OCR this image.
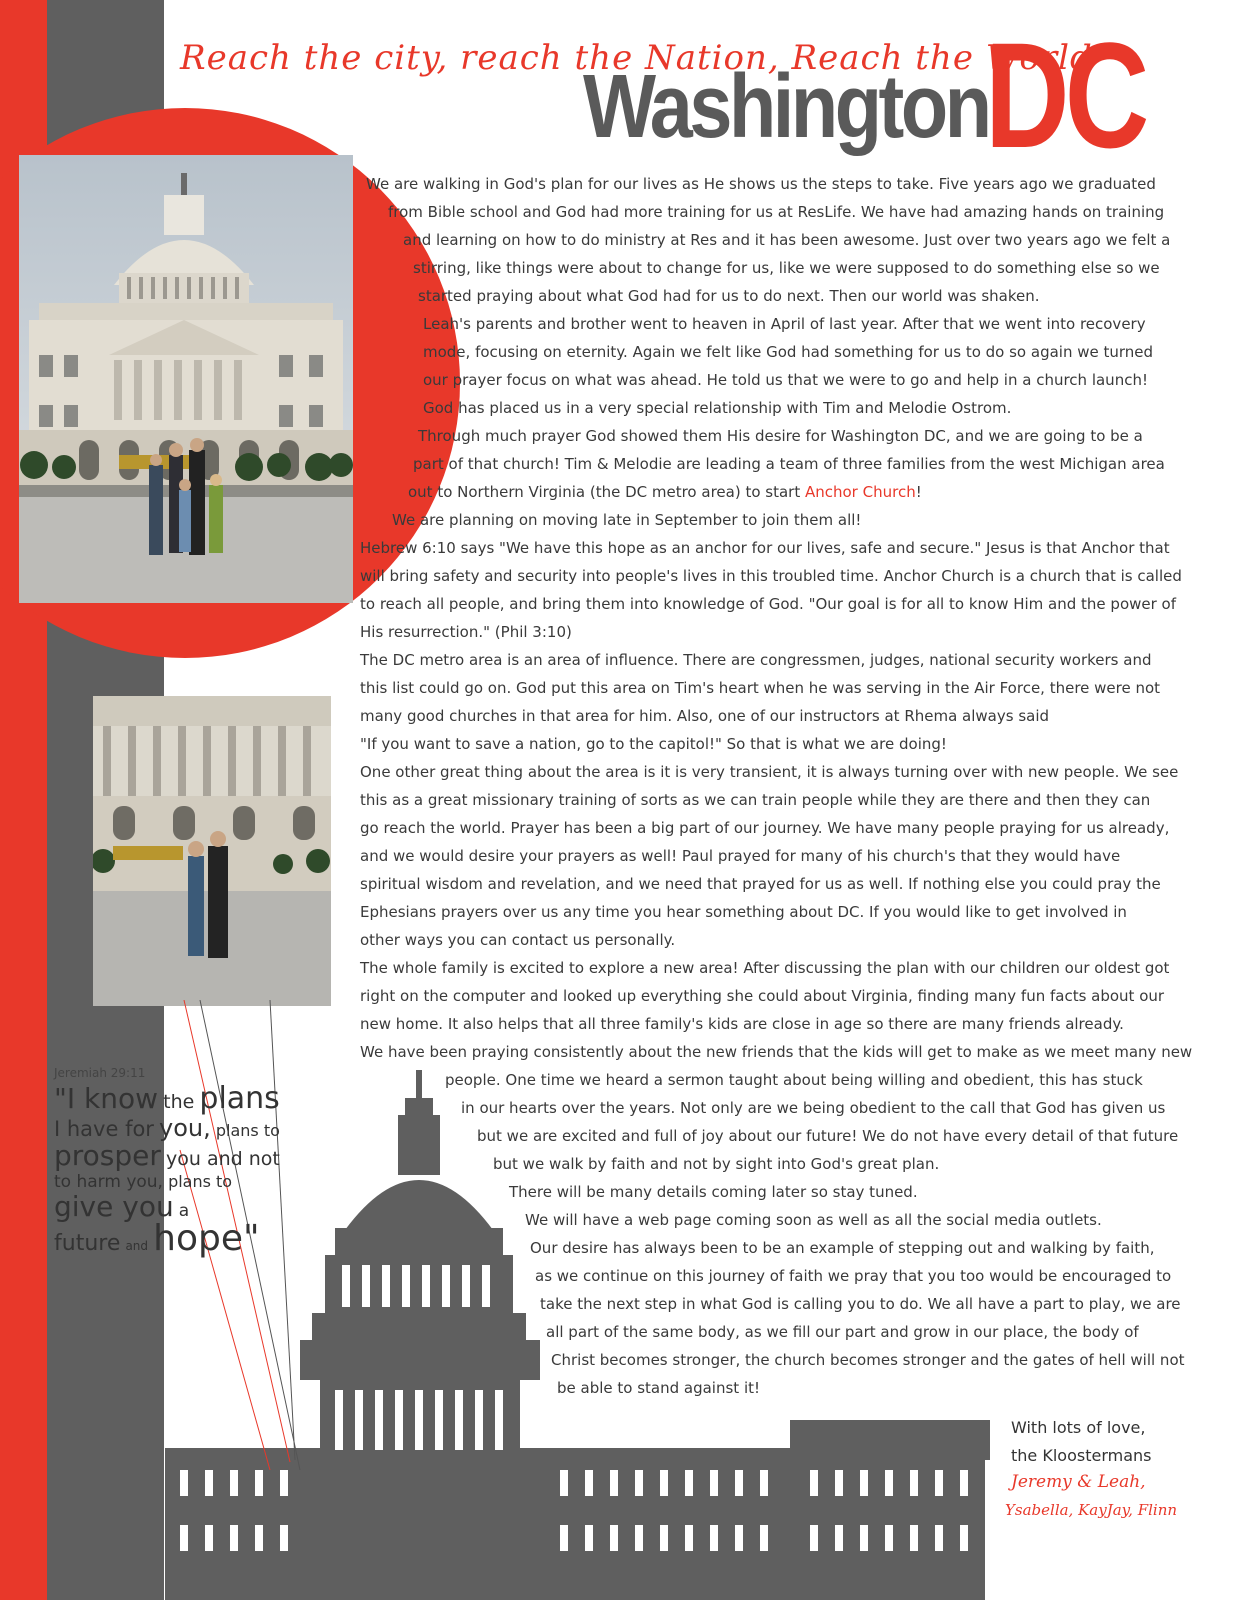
Reach the city, reach the Nation, Reach the World
Washington
DC
We are walking in God's plan for our lives as He shows us the steps to take. Five years ago we graduated
from Bible school and God had more training for us at ResLife. We have had amazing hands on training
and learning on how to do ministry at Res and it has been awesome. Just over two years ago we felt a
stirring, like things were about to change for us, like we were supposed to do something else so we
started praying about what God had for us to do next. Then our world was shaken.
Leah's parents and brother went to heaven in April of last year. After that we went into recovery
mode, focusing on eternity. Again we felt like God had something for us to do so again we turned
our prayer focus on what was ahead. He told us that we were to go and help in a church launch!
God has placed us in a very special relationship with Tim and Melodie Ostrom.
Through much prayer God showed them His desire for Washington DC, and we are going to be a
part of that church! Tim & Melodie are leading a team of three families from the west Michigan area
out to Northern Virginia (the DC metro area) to start Anchor Church!
We are planning on moving late in September to join them all!
Hebrew 6:10 says "We have this hope as an anchor for our lives, safe and secure." Jesus is that Anchor that
will bring safety and security into people's lives in this troubled time. Anchor Church is a church that is called
to reach all people, and bring them into knowledge of God. "Our goal is for all to know Him and the power of
His resurrection." (Phil 3:10)
The DC metro area is an area of influence. There are congressmen, judges, national security workers and
this list could go on. God put this area on Tim's heart when he was serving in the Air Force, there were not
many good churches in that area for him. Also, one of our instructors at Rhema always said
"If you want to save a nation, go to the capitol!" So that is what we are doing!
One other great thing about the area is it is very transient, it is always turning over with new people. We see
this as a great missionary training of sorts as we can train people while they are there and then they can
go reach the world. Prayer has been a big part of our journey. We have many people praying for us already,
and we would desire your prayers as well! Paul prayed for many of his church's that they would have
spiritual wisdom and revelation, and we need that prayed for us as well. If nothing else you could pray the
Ephesians prayers over us any time you hear something about DC. If you would like to get involved in
other ways you can contact us personally.
The whole family is excited to explore a new area! After discussing the plan with our children our oldest got
right on the computer and looked up everything she could about Virginia, finding many fun facts about our
new home. It also helps that all three family's kids are close in age so there are many friends already.
We have been praying consistently about the new friends that the kids will get to make as we meet many new
people. One time we heard a sermon taught about being willing and obedient, this has stuck
in our hearts over the years. Not only are we being obedient to the call that God has given us
but we are excited and full of joy about our future! We do not have every detail of that future
but we walk by faith and not by sight into God's great plan.
There will be many details coming later so stay tuned.
We will have a web page coming soon as well as all the social media outlets.
Our desire has always been to be an example of stepping out and walking by faith,
as we continue on this journey of faith we pray that you too would be encouraged to
take the next step in what God is calling you to do. We all have a part to play, we are
all part of the same body, as we fill our part and grow in our place, the body of
Christ becomes stronger, the church becomes stronger and the gates of hell will not
be able to stand against it!
Jeremiah 29:11
"I know the plans
I have for you, plans to
prosper you and not
to harm you, plans to
give you a
future and hope"
With lots of love,
the Kloostermans
Jeremy & Leah,
Ysabella, KayJay, Flinn
